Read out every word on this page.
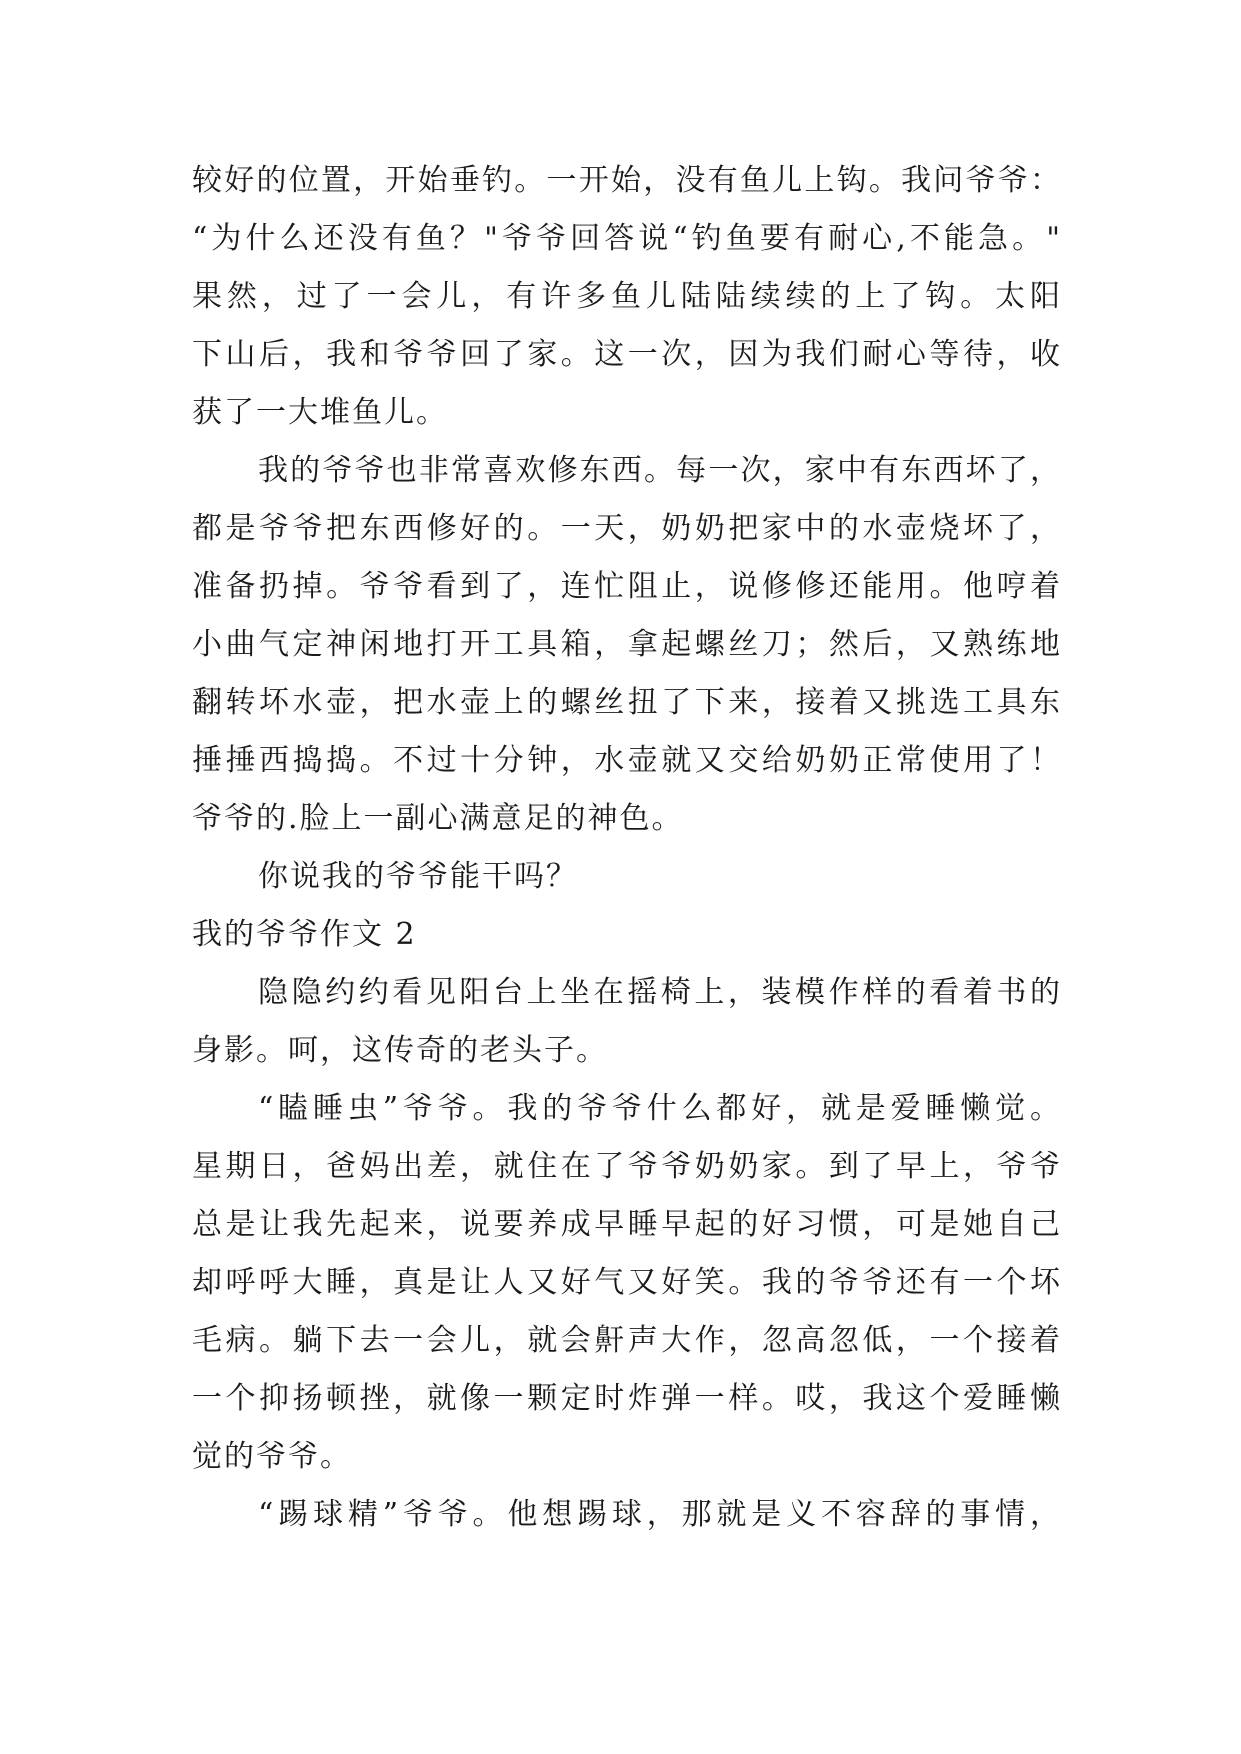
较好的位置，开始垂钓。一开始，没有鱼儿上钩。我问爷爷：
“为什么还没有鱼？"爷爷回答说“钓鱼要有耐心,不能急。"
果然，过了一会儿，有许多鱼儿陆陆续续的上了钩。太阳
下山后，我和爷爷回了家。这一次，因为我们耐心等待，收
获了一大堆鱼儿。
我的爷爷也非常喜欢修东西。每一次，家中有东西坏了，
都是爷爷把东西修好的。一天，奶奶把家中的水壶烧坏了，
准备扔掉。爷爷看到了，连忙阻止，说修修还能用。他哼着
小曲气定神闲地打开工具箱，拿起螺丝刀；然后，又熟练地
翻转坏水壶，把水壶上的螺丝扭了下来，接着又挑选工具东
捶捶西捣捣。不过十分钟，水壶就又交给奶奶正常使用了！
爷爷的.脸上一副心满意足的神色。
你说我的爷爷能干吗？
我的爷爷作文 2
隐隐约约看见阳台上坐在摇椅上，装模作样的看着书的
身影。呵，这传奇的老头子。
“瞌睡虫”爷爷。我的爷爷什么都好，就是爱睡懒觉。
星期日，爸妈出差，就住在了爷爷奶奶家。到了早上，爷爷
总是让我先起来，说要养成早睡早起的好习惯，可是她自己
却呼呼大睡，真是让人又好气又好笑。我的爷爷还有一个坏
毛病。躺下去一会儿，就会鼾声大作，忽高忽低，一个接着
一个抑扬顿挫，就像一颗定时炸弹一样。哎，我这个爱睡懒
觉的爷爷。
“踢球精”爷爷。他想踢球，那就是义不容辞的事情，
